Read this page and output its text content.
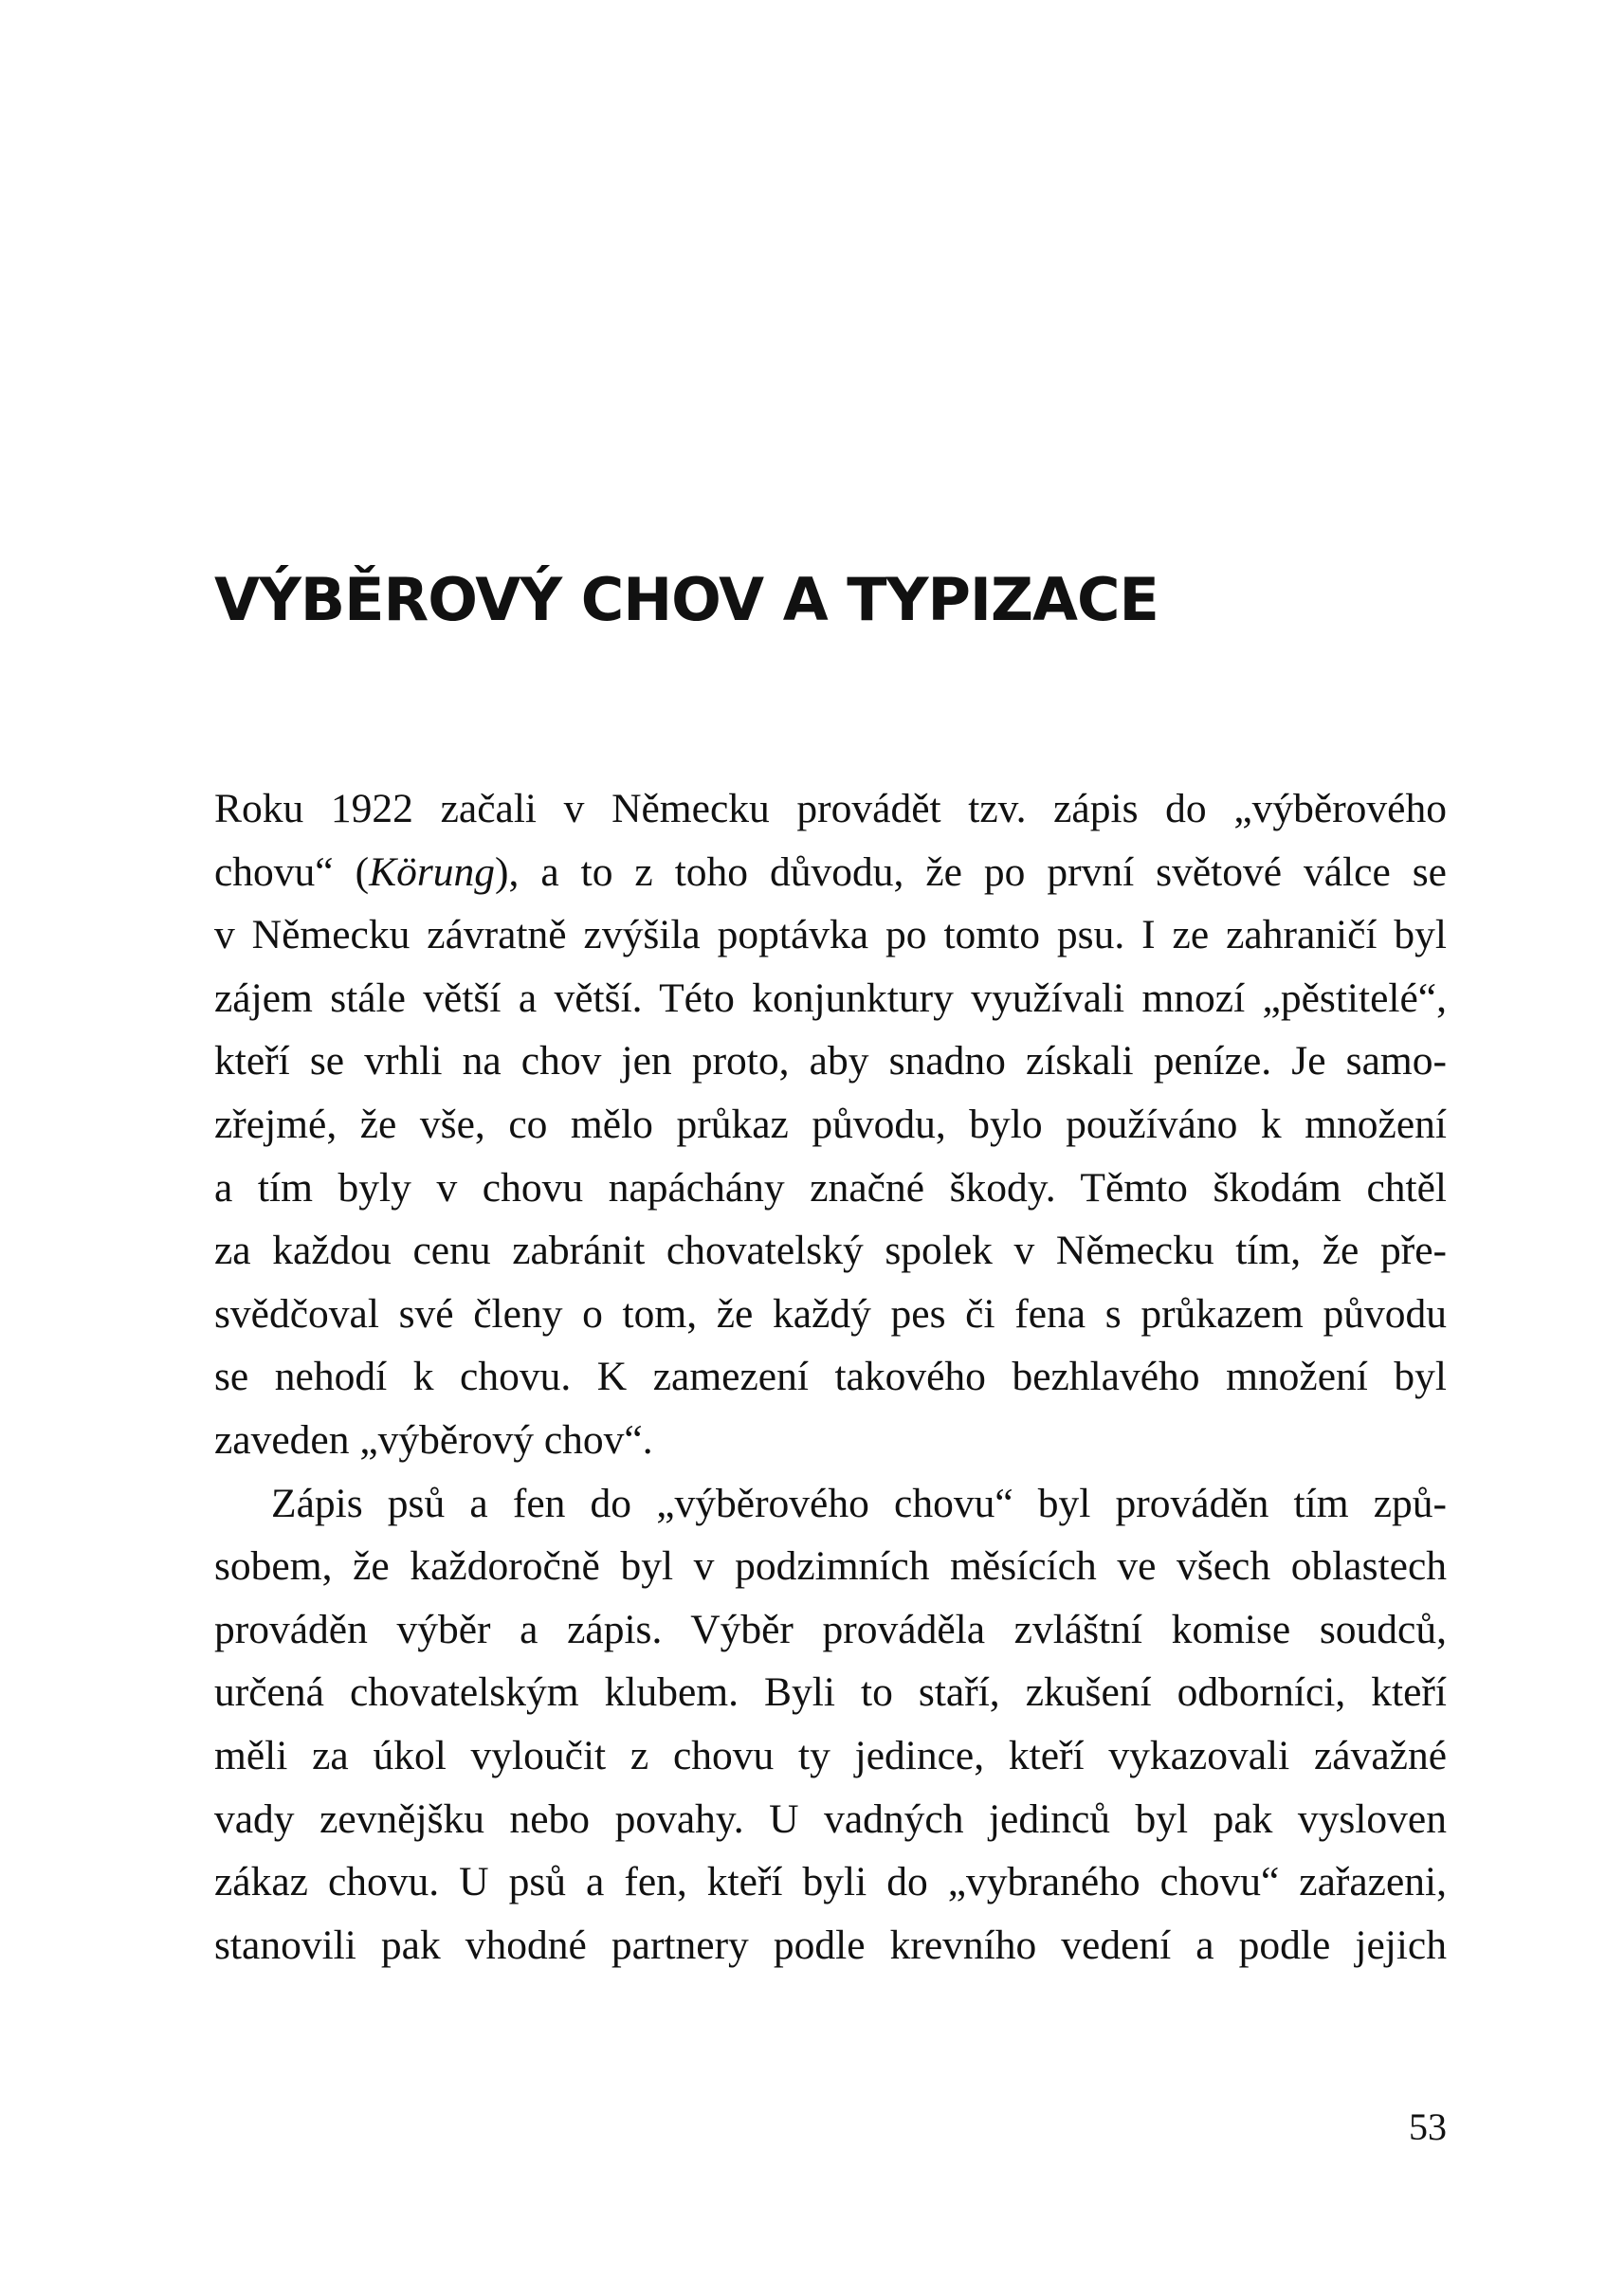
VÝBĚROVÝ CHOV A TYPIZACE
Roku 1922 začali v Německu provádět tzv. zápis do „výběrového
chovu“ (Körung), a to z toho důvodu, že po první světové válce se
v Německu závratně zvýšila poptávka po tomto psu. I ze zahraničí byl
zájem stále větší a větší. Této konjunktury využívali mnozí „pěstitelé“,
kteří se vrhli na chov jen proto, aby snadno získali peníze. Je samo-
zřejmé, že vše, co mělo průkaz původu, bylo používáno k množení
a tím byly v chovu napáchány značné škody. Těmto škodám chtěl
za každou cenu zabránit chovatelský spolek v Německu tím, že pře-
svědčoval své členy o tom, že každý pes či fena s průkazem původu
se nehodí k chovu. K zamezení takového bezhlavého množení byl
zaveden „výběrový chov“.
Zápis psů a fen do „výběrového chovu“ byl prováděn tím způ-
sobem, že každoročně byl v podzimních měsících ve všech oblastech
prováděn výběr a zápis. Výběr prováděla zvláštní komise soudců,
určená chovatelským klubem. Byli to staří, zkušení odborníci, kteří
měli za úkol vyloučit z chovu ty jedince, kteří vykazovali závažné
vady zevnějšku nebo povahy. U vadných jedinců byl pak vysloven
zákaz chovu. U psů a fen, kteří byli do „vybraného chovu“ zařazeni,
stanovili pak vhodné partnery podle krevního vedení a podle jejich
53
